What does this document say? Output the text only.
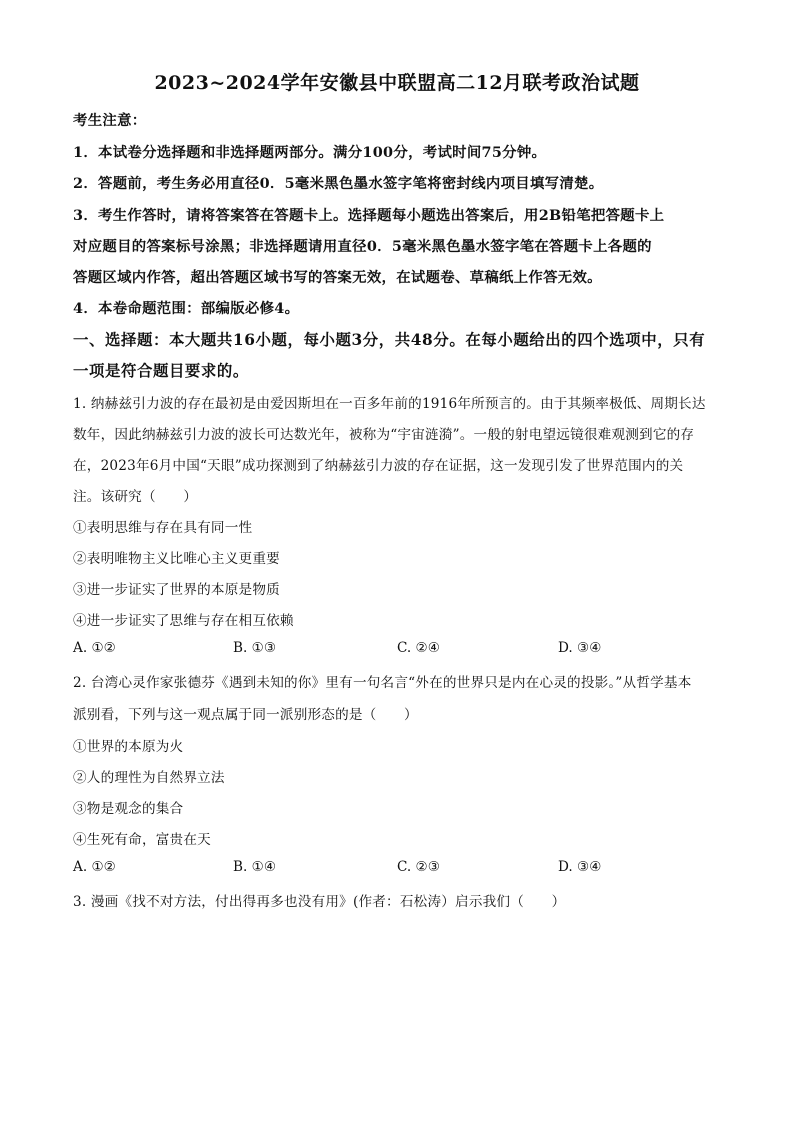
2023~2024学年安徽县中联盟高二12月联考政治试题
考生注意：
1．本试卷分选择题和非选择题两部分。满分100分，考试时间75分钟。
2．答题前，考生务必用直径0．5毫米黑色墨水签字笔将密封线内项目填写清楚。
3．考生作答时，请将答案答在答题卡上。选择题每小题选出答案后，用2B铅笔把答题卡上
对应题目的答案标号涂黑；非选择题请用直径0．5毫米黑色墨水签字笔在答题卡上各题的
答题区域内作答，超出答题区域书写的答案无效，在试题卷、草稿纸上作答无效。
4．本卷命题范围：部编版必修4。
一、选择题：本大题共16小题，每小题3分，共48分。在每小题给出的四个选项中，只有
一项是符合题目要求的。
1. 纳赫兹引力波的存在最初是由爱因斯坦在一百多年前的1916年所预言的。由于其频率极低、周期长达
数年，因此纳赫兹引力波的波长可达数光年，被称为“宇宙涟漪”。一般的射电望远镜很难观测到它的存
在，2023年6月中国“天眼”成功探测到了纳赫兹引力波的存在证据，这一发现引发了世界范围内的关
注。该研究（　　）
①表明思维与存在具有同一性
②表明唯物主义比唯心主义更重要
③进一步证实了世界的本原是物质
④进一步证实了思维与存在相互依赖
A. ①②	B. ①③	C. ②④	D. ③④
2. 台湾心灵作家张德芬《遇到未知的你》里有一句名言“外在的世界只是内在心灵的投影。”从哲学基本
派别看，下列与这一观点属于同一派别形态的是（　　）
①世界的本原为火
②人的理性为自然界立法
③物是观念的集合
④生死有命，富贵在天
A. ①②	B. ①④	C. ②③	D. ③④
3. 漫画《找不对方法，付出得再多也没有用》(作者：石松涛）启示我们（　　）
